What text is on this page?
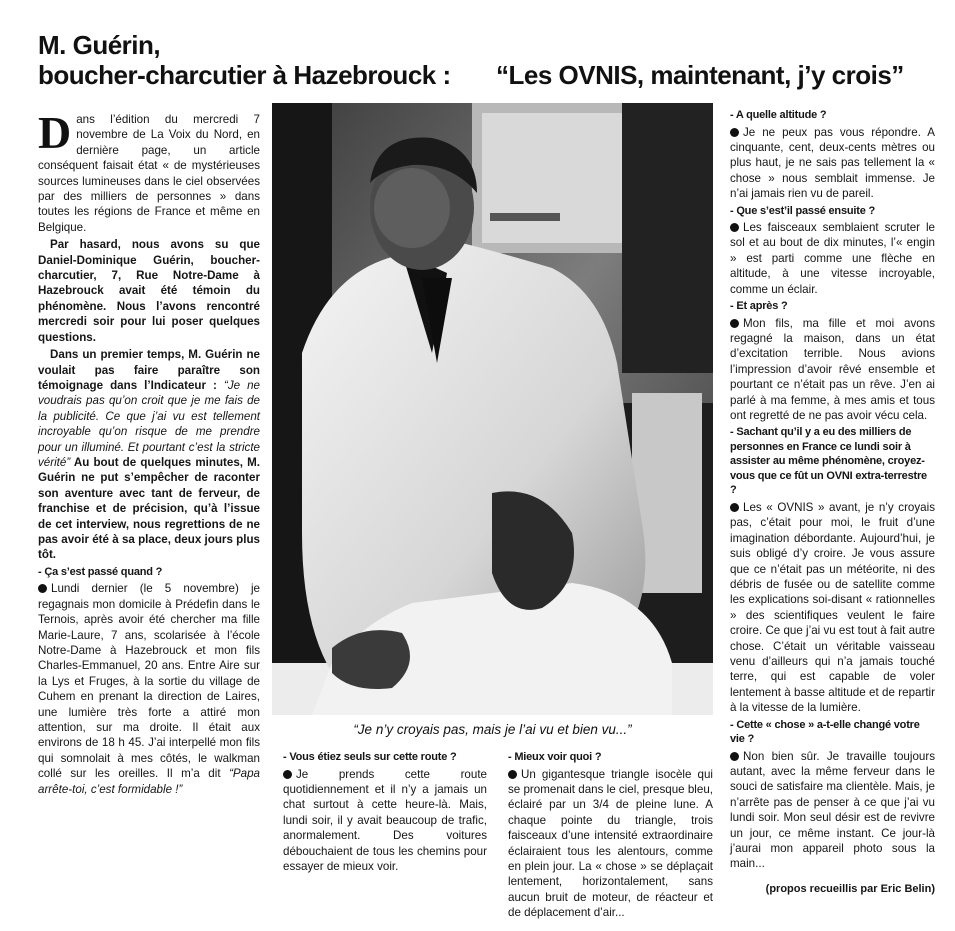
M. Guérin,
boucher-charcutier à Hazebrouck : “Les OVNIS, maintenant, j’y crois”

Dans l’édition du mercredi 7 novembre de La Voix du Nord, en dernière page, un article conséquent faisait état « de mystérieuses sources lumineuses dans le ciel observées par des milliers de personnes » dans toutes les régions de France et même en Belgique.

Par hasard, nous avons su que Daniel-Dominique Guérin, boucher-charcutier, 7, Rue Notre-Dame à Hazebrouck avait été témoin du phénomène. Nous l’avons rencontré mercredi soir pour lui poser quelques questions.

Dans un premier temps, M. Guérin ne voulait pas faire paraître son témoignage dans l’Indicateur : “Je ne voudrais pas qu’on croit que je me fais de la publicité. Ce que j’ai vu est tellement incroyable qu’on risque de me prendre pour un illuminé. Et pourtant c’est la stricte vérité” Au bout de quelques minutes, M. Guérin ne put s’empêcher de raconter son aventure avec tant de ferveur, de franchise et de précision, qu’à l’issue de cet interview, nous regrettions de ne pas avoir été à sa place, deux jours plus tôt.

- Ça s’est passé quand ?

Lundi dernier (le 5 novembre) je regagnais mon domicile à Prédefin dans le Ternois, après avoir été chercher ma fille Marie-Laure, 7 ans, scolarisée à l’école Notre-Dame à Hazebrouck et mon fils Charles-Emmanuel, 20 ans. Entre Aire sur la Lys et Fruges, à la sortie du village de Cuhem en prenant la direction de Laires, une lumière très forte a attiré mon attention, sur ma droite. Il était aux environs de 18 h 45. J’ai interpellé mon fils qui somnolait à mes côtés, le walkman collé sur les oreilles. Il m’a dit “Papa arrête-toi, c’est formidable !”

“Je n’y croyais pas, mais je l’ai vu et bien vu...”

- Vous étiez seuls sur cette route ?

Je prends cette route quotidiennement et il n’y a jamais un chat surtout à cette heure-là. Mais, lundi soir, il y avait beaucoup de trafic, anormalement. Des voitures débouchaient de tous les chemins pour essayer de mieux voir.

- Mieux voir quoi ?

Un gigantesque triangle isocèle qui se promenait dans le ciel, presque bleu, éclairé par un 3/4 de pleine lune. A chaque pointe du triangle, trois faisceaux d’une intensité extraordinaire éclairaient tous les alentours, comme en plein jour. La « chose » se déplaçait lentement, horizontalement, sans aucun bruit de moteur, de réacteur et de déplacement d’air...

- A quelle altitude ?

Je ne peux pas vous répondre. A cinquante, cent, deux-cents mètres ou plus haut, je ne sais pas tellement la « chose » nous semblait immense. Je n’ai jamais rien vu de pareil.

- Que s’est’il passé ensuite ?

Les faisceaux semblaient scruter le sol et au bout de dix minutes, l’« engin » est parti comme une flèche en altitude, à une vitesse incroyable, comme un éclair.

- Et après ?

Mon fils, ma fille et moi avons regagné la maison, dans un état d’excitation terrible. Nous avions l’impression d’avoir rêvé ensemble et pourtant ce n’était pas un rêve. J’en ai parlé à ma femme, à mes amis et tous ont regretté de ne pas avoir vécu cela.

- Sachant qu’il y a eu des milliers de personnes en France ce lundi soir à assister au même phénomène, croyez-vous que ce fût un OVNI extra-terrestre ?

Les « OVNIS » avant, je n’y croyais pas, c’était pour moi, le fruit d’une imagination débordante. Aujourd’hui, je suis obligé d’y croire. Je vous assure que ce n’était pas un météorite, ni des débris de fusée ou de satellite comme les explications soi-disant « rationnelles » des scientifiques veulent le faire croire. Ce que j’ai vu est tout à fait autre chose. C’était un véritable vaisseau venu d’ailleurs qui n’a jamais touché terre, qui est capable de voler lentement à basse altitude et de repartir à la vitesse de la lumière.

- Cette « chose » a-t-elle changé votre vie ?

Non bien sûr. Je travaille toujours autant, avec la même ferveur dans le souci de satisfaire ma clientèle. Mais, je n’arrête pas de penser à ce que j’ai vu lundi soir. Mon seul désir est de revivre un jour, ce même instant. Ce jour-là j’aurai mon appareil photo sous la main...

(propos recueillis par Eric Belin)
